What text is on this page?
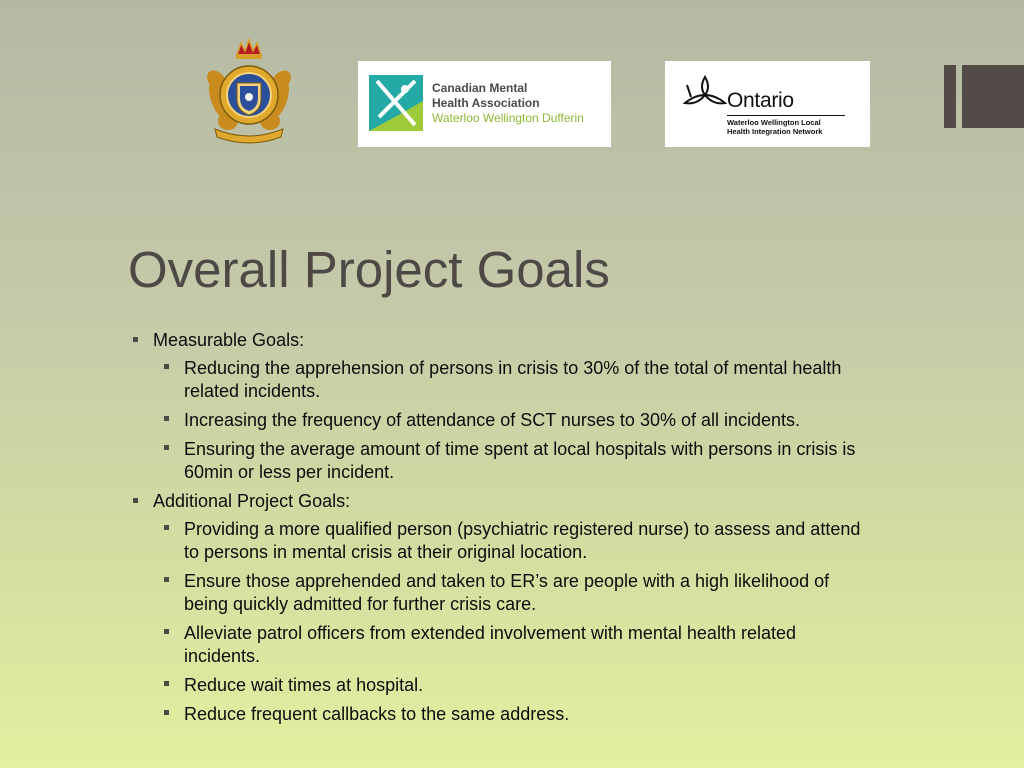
Canadian Mental
Health Association
Waterloo Wellington Dufferin
Ontario
Waterloo Wellington Local
Health Integration Network
Overall Project Goals
Measurable Goals:
Reducing the apprehension of persons in crisis to 30% of the total of mental health related incidents.
Increasing the frequency of attendance of SCT nurses to 30% of all incidents.
Ensuring the average amount of time spent at local hospitals with persons in crisis is 60min or less per incident.
Additional Project Goals:
Providing a more qualified person (psychiatric registered nurse) to assess and attend to persons in mental crisis at their original location.
Ensure those apprehended and taken to ER’s are people with a high likelihood of being quickly admitted for further crisis care.
Alleviate patrol officers from extended involvement with mental health related incidents.
Reduce wait times at hospital.
Reduce frequent callbacks to the same address.
